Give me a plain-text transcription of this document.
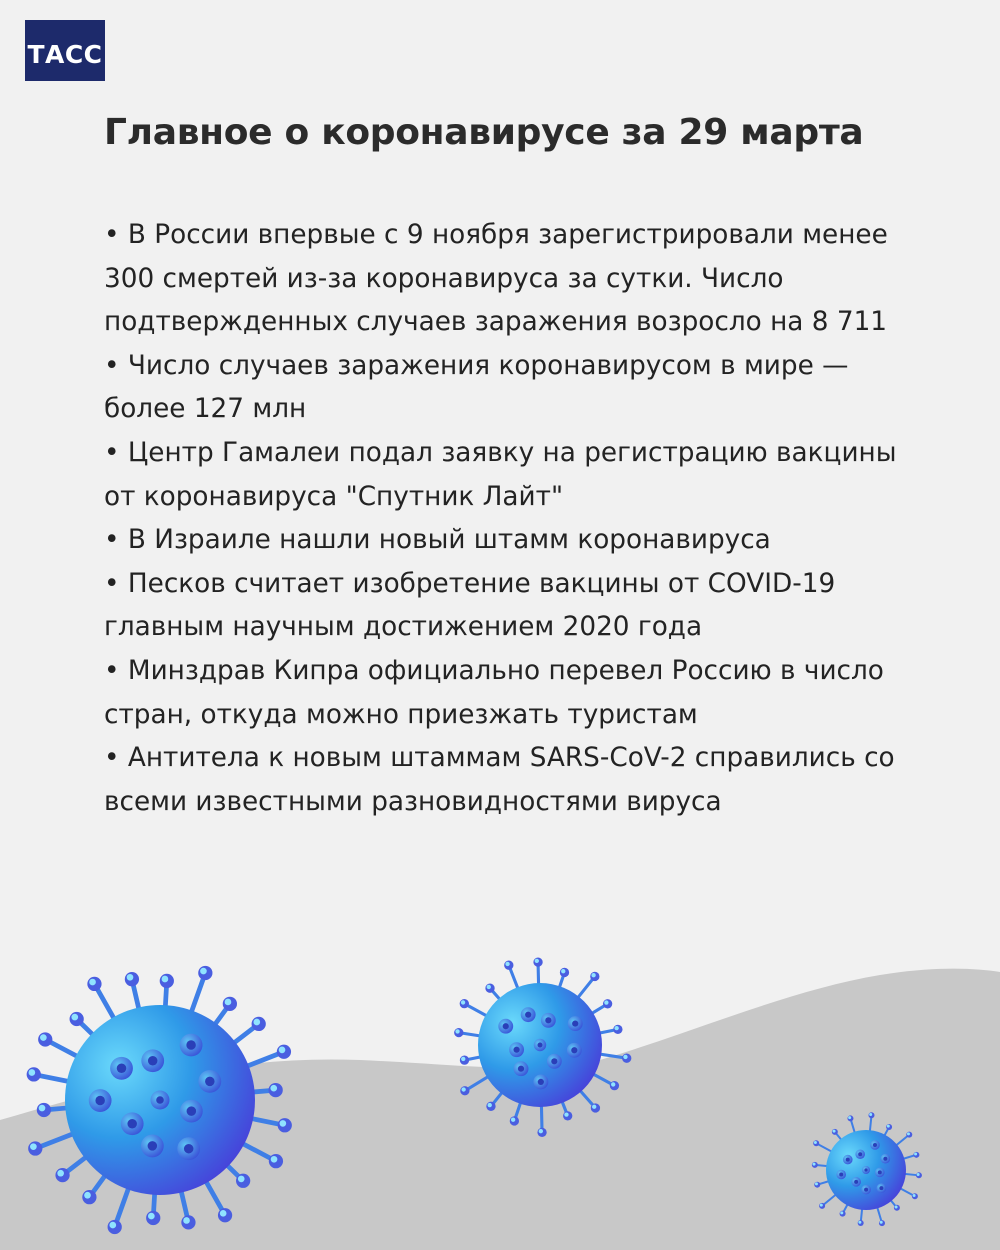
ТАСС
Главное о коронавирусе за 29 марта
• В России впервые с 9 ноября зарегистрировали менее 300 смертей из-за коронавируса за сутки. Число подтвержденных случаев заражения возросло на 8 711
• Число случаев заражения коронавирусом в мире — более 127 млн
• Центр Гамалеи подал заявку на регистрацию вакцины от коронавируса "Спутник Лайт"
• В Израиле нашли новый штамм коронавируса
• Песков считает изобретение вакцины от COVID-19 главным научным достижением 2020 года
• Минздрав Кипра официально перевел Россию в число стран, откуда можно приезжать туристам
• Антитела к новым штаммам SARS-CoV-2 справились со всеми известными разновидностями вируса
